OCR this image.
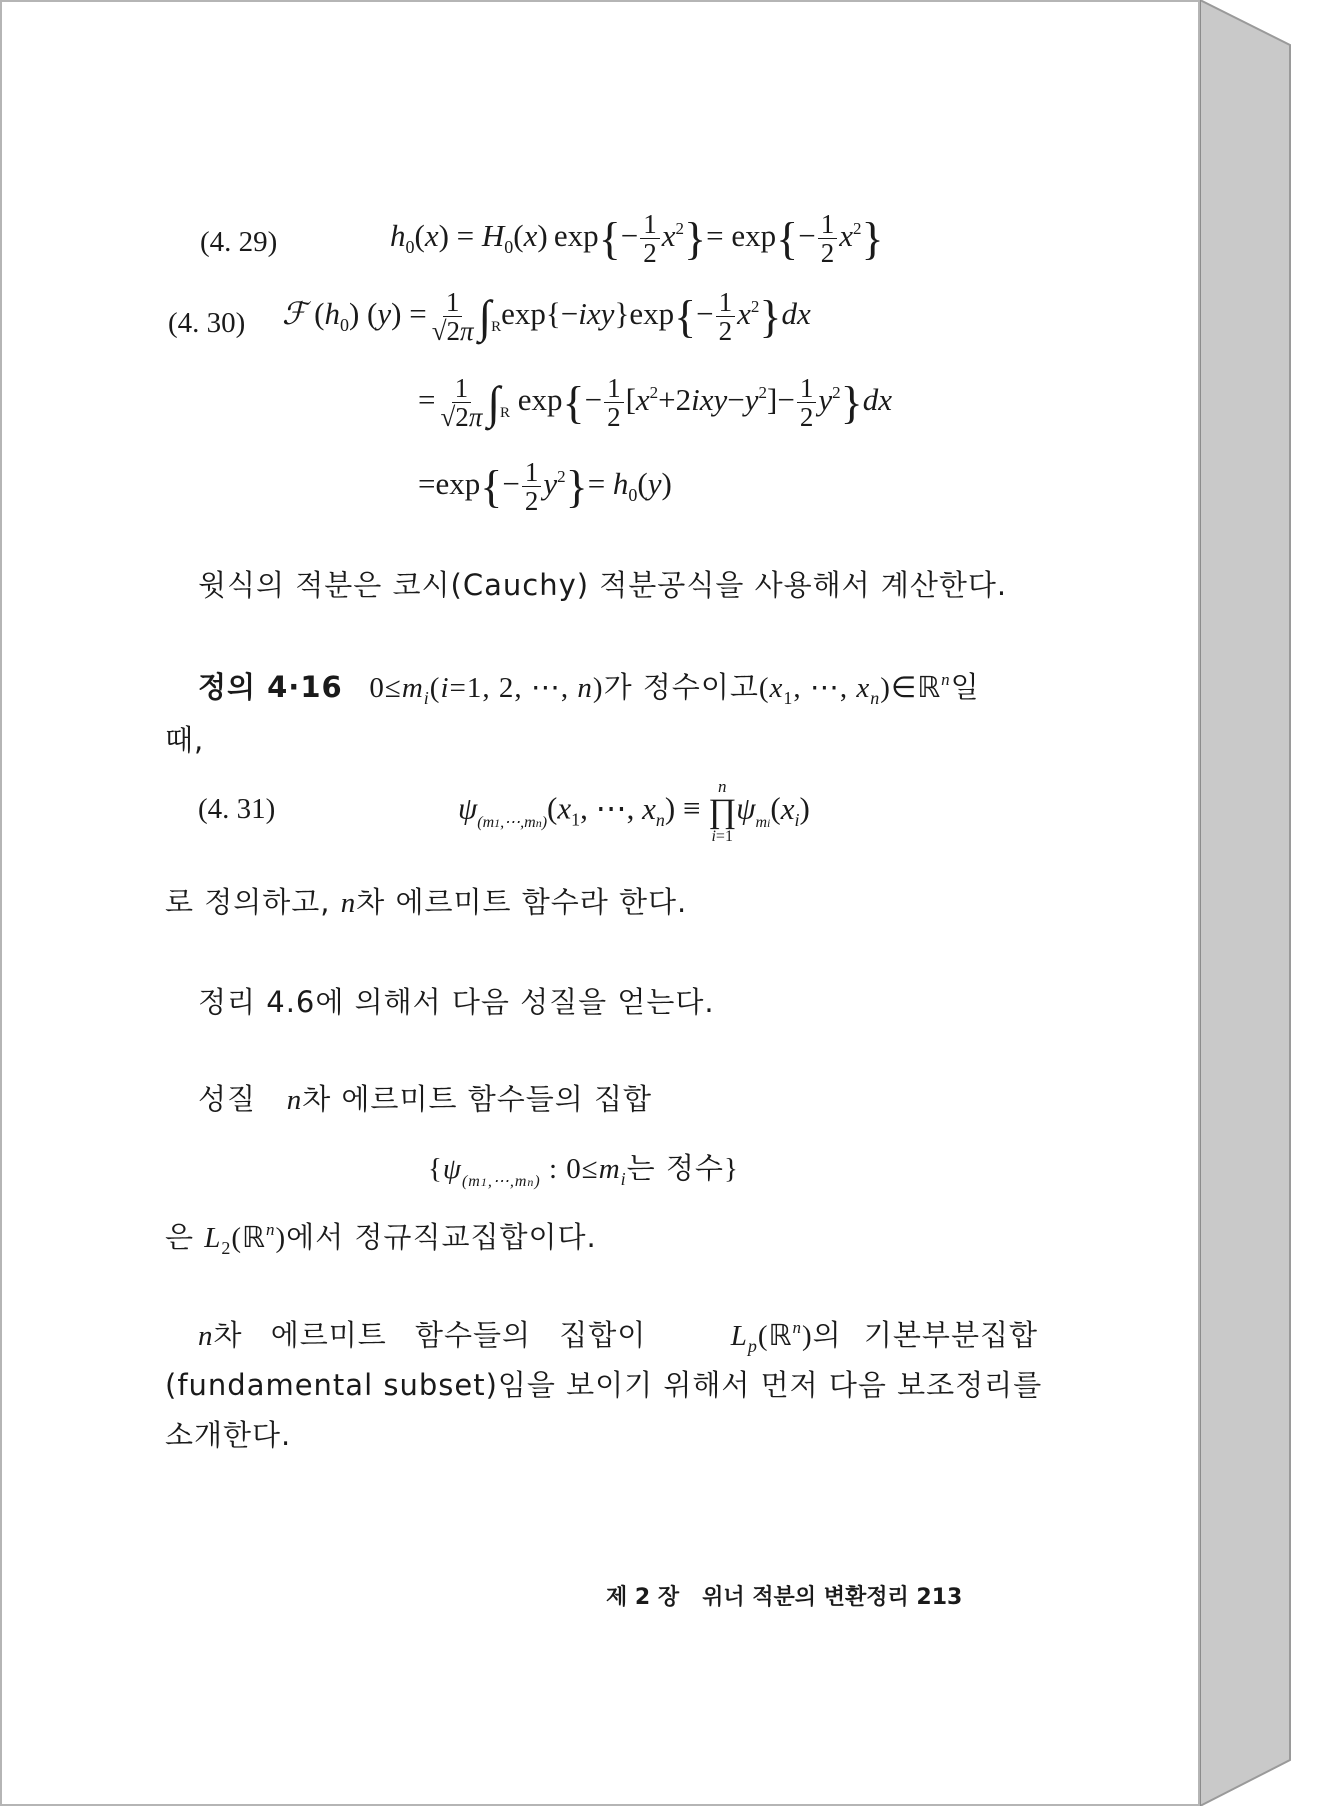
(4. 29)	$h_0(x) = H_0(x)$ $\exp\{- \frac{1}{2} x^2\}= \exp\{- \frac{1}{2} x^2\}$
(4. 30) ℱ $(h_0) (y) = \frac{1}{√2\pi} \int_R\exp\{-ixy\}\exp\{- \frac{1}{2} x^2\}dx$
= $\frac{1}{√2\pi} \int_R$ $\exp\{- \frac{1}{2} [x^2+2ixy-y^2]- \frac{1}{2} y^2\}dx$
$=\exp\{- \frac{1}{2} y^2\}= h_0(y)$
윗식의 적분은 코시(Cauchy) 적분공식을 사용해서 계산한다.
정의 4·16   $0\le m_i(i=1$, 2, ⋯, n)가 정수이고($x_1$, ⋯, $x_n)\in ℝ^n$일
때,
(4. 31)	$\psi_{(m1,\cdots,mn)}(x_1$, ⋯, $x_n$) ≡
n
∏
i=1
$\psi_{mi}(x_i)$
로 정의하고, n차 에르미트 함수라 한다.
정리 4.6에 의해서 다음 성질을 얻는다.
성질 n차 에르미트 함수들의 집합
{$\psi_{(m1,\cdots,mn)}$ : $0\le m_i$는 정수}
은 $L_2(ℝ^n)$에서 정규직교집합이다.
n차 에르미트 함수들의 집합이	$L_p(ℝ^n)$의 기본부분집합
(fundamental subset)임을 보이기 위해서 먼저 다음 보조정리를
소개한다.
제 2 장 위너 적분의 변환정리 213
